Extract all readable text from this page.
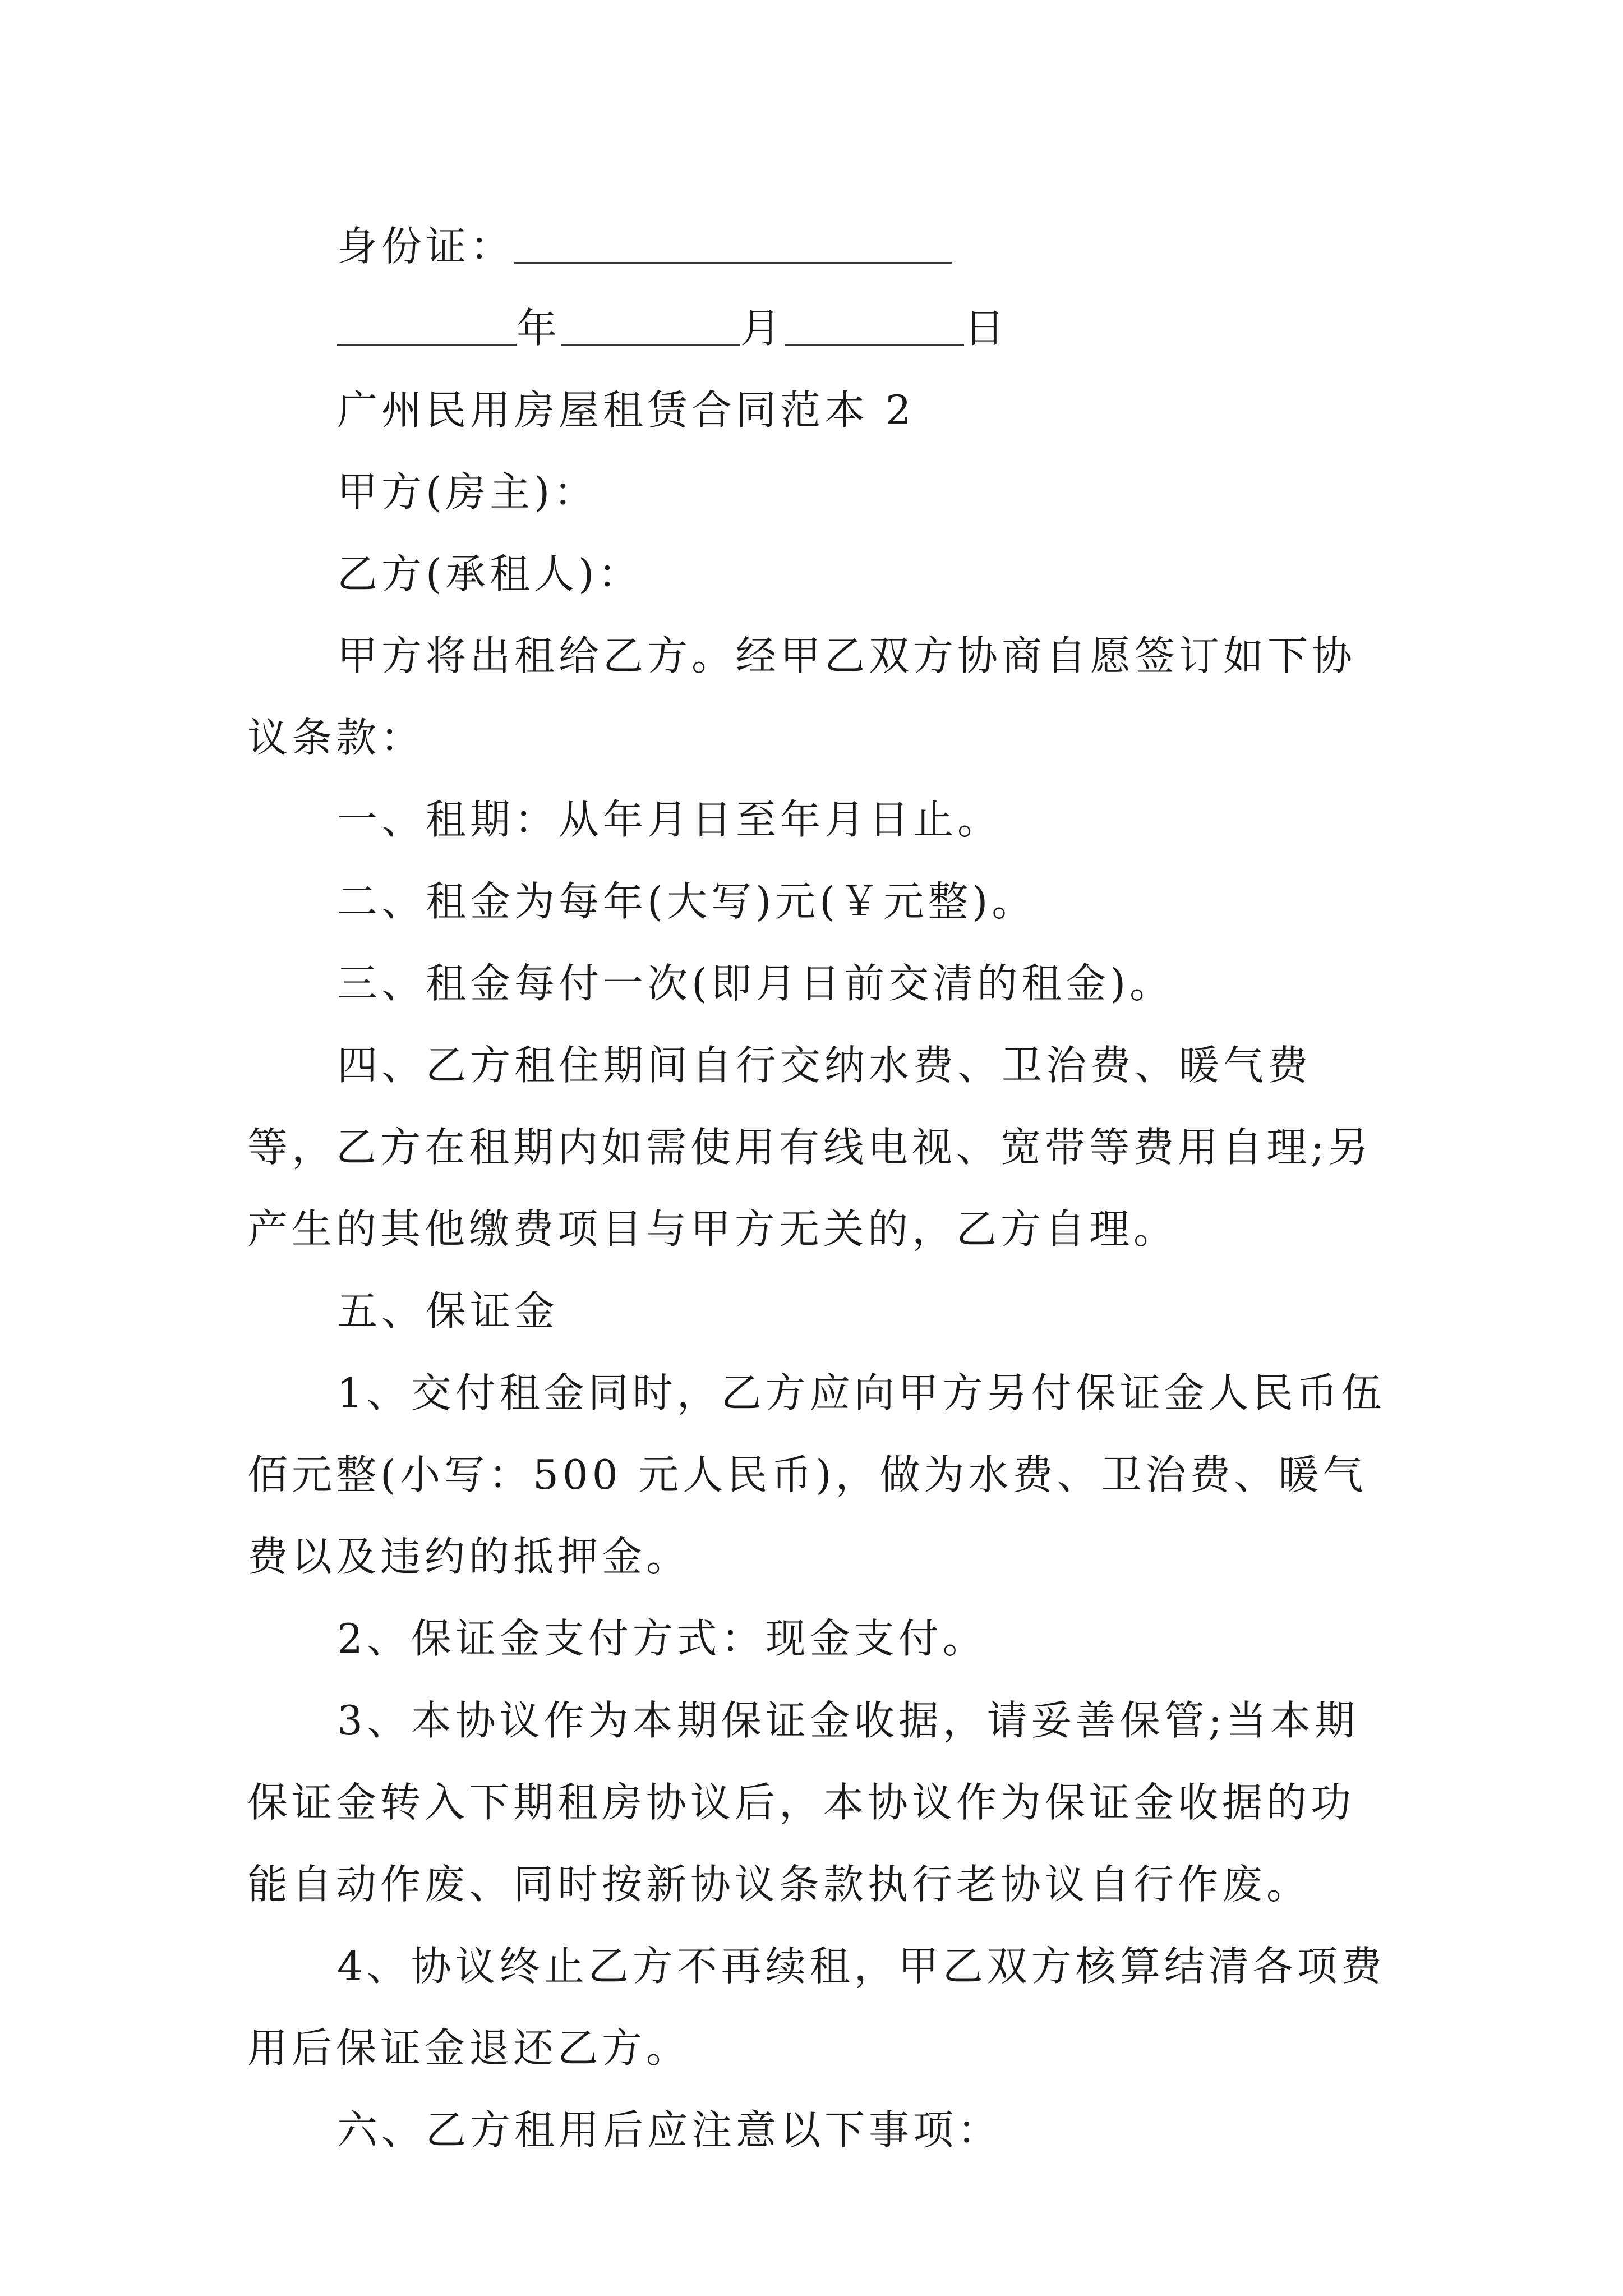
身份证：

年	月	日

广州民用房屋租赁合同范本 2

甲方(房主)：

乙方(承租人)：

甲方将出租给乙方。经甲乙双方协商自愿签订如下协议条款：

一、租期：从年月日至年月日止。

二、租金为每年(大写)元(￥元整)。

三、租金每付一次(即月日前交清的租金)。

四、乙方租住期间自行交纳水费、卫治费、暖气费等，乙方在租期内如需使用有线电视、宽带等费用自理;另产生的其他缴费项目与甲方无关的，乙方自理。

五、保证金

1、交付租金同时，乙方应向甲方另付保证金人民币伍佰元整(小写：500 元人民币)，做为水费、卫治费、暖气费以及违约的抵押金。

2、保证金支付方式：现金支付。

3、本协议作为本期保证金收据，请妥善保管;当本期保证金转入下期租房协议后，本协议作为保证金收据的功能自动作废、同时按新协议条款执行老协议自行作废。

4、协议终止乙方不再续租，甲乙双方核算结清各项费用后保证金退还乙方。

六、乙方租用后应注意以下事项：
